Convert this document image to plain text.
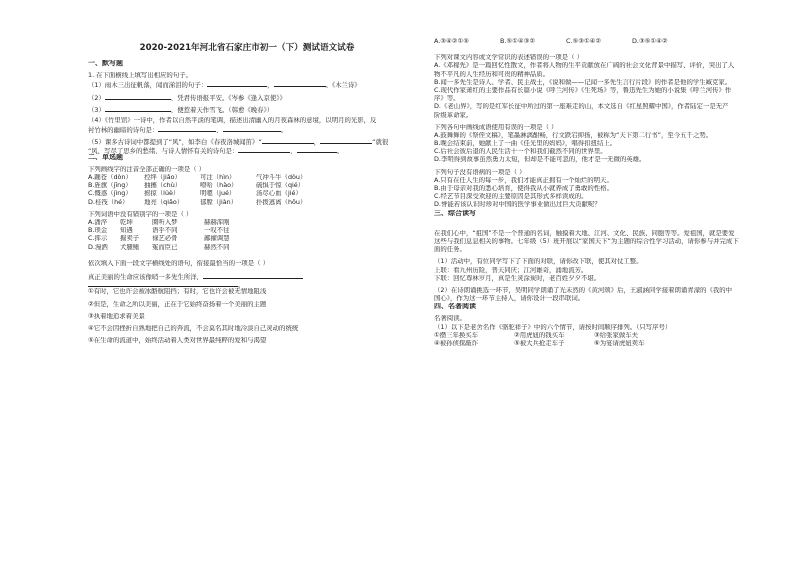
2020-2021年河北省石家庄市初一（下）测试语文试卷
一、默写题
1. 在下面横线上填写出相应的句子。
（1）雨木三出征帆落，闻而涕泪的句子：	，	。《木兰诗》
（2）	，凭君传语报平安。《岑参《逢入京使》》
（3）	，便惹着天作雪飞。（韩愈《晚春》）
（4）《竹里馆》一诗中，作者以自然平淡的笔调，描述出清幽入的月夜森林的意境，以明月的光影，反
衬竹林的幽暗的诗句是：	，	。
（5）课多古诗词中都提到了“风”，如李白《春夜洛城闻笛》“	，	“就很
“风，写尽了思乡的愁绪，与诗人情怀有关的诗句是：	，	。
二、单选题
下列画线字的注音全部正确的一项是（ ）
A.蹦苍（dòn）	控绊（jiǎo）	可注（hìn）	气冲斗牛（dòu）
B.旌旗（jīng）	抽搐（chù）	嘹哈（hào）	硫惧于惊（qié）
C.慨惑（jìng）	掳掠（lüè）	明嗯（jué）	汤尽心血（jié）
D.桂筏（hé）	地亮（qiǎo）	郁膛（jiàn）	扑拨逃离（hǒu）
下列词语中没有错别字的一项是（ ）
A.潘淬	乾坤	圈听入梦	赫赫浑刚
B.琐金	知遇	语乎不同	一叹不往
C.挥示	掘卖子	禄艺必骨	鄙擢调慧
D.漫洒	犬腿鳍	冤而臣已	赫然不同
依次填入下面一段文字横线处的语句，衔接最恰当的一项是（ ）
真正美丽的生命应该像哨一多先生所洋，
。
①有时，它也许会被冰酪航阻挡；有时，它也许会被无情地阻浅
②但是，生命之所以美丽，正在于它始终奋扬着一个美丽的主题
③执着地追求着美景
④它不会因挫折自熟地把自己的奔流，不会莫名其时地冷淡自己灵动的统统
⑤在生命的流道中，始终活动着人类对世界最纯粹的爱和与渴望
A.③④②①⑤	B.⑤①④③②	C.⑤③①④②	D.③⑤①④②
下列对课文内容或文学常识的表述错误的一项是（ ）
A.《邓稼先》是一篇回忆性散文，作者将人物的生平贡献放在广阔的社会文化背景中描写、评价，突出了人
物不平凡的人生经历和可贵的精神品质。
B.闻一多先生是诗人、学者、民主战士，《说和做——记闻一多先生言行片段》的作者是他的学生臧克家。
C.现代作家萧红的主要作品有长篇小说《呼兰河传》《生死场》等，鲁迅先生为她的小说集《呼兰河传》作
序》等。
D.《老山界》，写的是红军长征中所过的第一座难走的山，本文选自《红星照耀中国》，作者陆定一是无产
阶级革命家。
下列各句中画线成语使用有误的一项是（ ）
A.鼓舞舞的《祭侄文稿》，笔墨淋漓酣畅，行文跌宕抑扬，被称为“天下第二行书”，至今五千之势。
B.晚会结束前，她献上了一曲《佳光里的妈妈》，唱得扣扭结上。
C.后社会彼后退的人民生活十一个和我们截然不同的世界里。
D.李明得到故事虽然勇力太短，但却是不能可忽的，他才是一无微的英雄。
下列句子没有语病的一项是（ ）
A.只有在任人生的每一步，我们才能真正拥有一个灿烂的明天。
B.由于母亲对我的悉心培育，使得我从小就养成了勇敢的性格。
C.经艺节目深受欢迎的主要原因是其形式多样读成的。
D.誉能若该认识时珍对中国的医学事业做出过巨大贡献呢？
三、综合读写
在我们心中，“祖国”不是一个普通的名词，触摸着大地、江河、文化、民族、同胞等等。爱祖国，就是要爱
这些与我们息息相关的事物。七年级（5）班开展以“家国天下”为主题的综合性学习活动，请你参与并完成下
面的任务。
（1）活动中，有位同学写下了下面的对联，请你改下联，使其对仗工整。
上联：看九州历险，普天同庆；江河雄奇，涌地流芳。
下联：回忆尊林岁月，真是生灵涂炭时，老百姓夕夕不堪。
（2）在诗朗诵挑选一环节，吴明同学朗诵了光未然的《黄河颂》后，王淑涵同学接着朗诵青濛的《我的中
国心》，作为这一环节主持人，请你设计一段串联词。
四、名著阅读
名著阅读。
（1）以下是老舍名作《骆驼祥子》中的六个情节，请按时间顺序排列。（只写序号）
①攒三年换买车	②用虎妞的钱买车	③给张家做车夫
④被孙侦探敲诈	⑤被大兵抢走车子	⑥为宴请虎妞卖车
